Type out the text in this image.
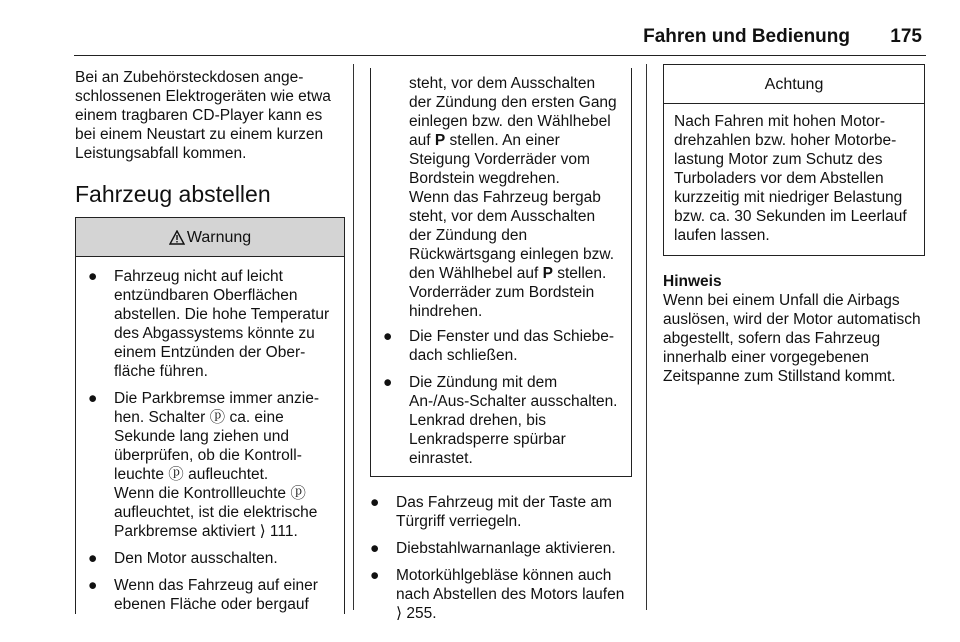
Fahren und Bedienung 175

Bei an Zubehörsteckdosen angeschlossenen Elektrogeräten wie etwa einem tragbaren CD-Player kann es bei einem Neustart zu einem kurzen Leistungsabfall kommen.

Fahrzeug abstellen
Warnung
● Fahrzeug nicht auf leicht entzündbaren Oberflächen abstellen. Die hohe Temperatur des Abgassystems könnte zu einem Entzünden der Oberfläche führen.
● Die Parkbremse immer anziehen. Schalter ⓟ ca. eine Sekunde lang ziehen und überprüfen, ob die Kontrollleuchte ⓟ aufleuchtet.

Wenn die Kontrollleuchte ⓟ aufleuchtet, ist die elektrische Parkbremse aktiviert ⟩ 111.

● Den Motor ausschalten.
● Wenn das Fahrzeug auf einer ebenen Fläche oder bergauf

steht, vor dem Ausschalten der Zündung den ersten Gang einlegen bzw. den Wählhebel auf P stellen. An einer Steigung Vorderräder vom Bordstein wegdrehen.

Wenn das Fahrzeug bergab steht, vor dem Ausschalten der Zündung den Rückwärtsgang einlegen bzw. den Wählhebel auf P stellen. Vorderräder zum Bordstein hindrehen.

● Die Fenster und das Schiebedach schließen.
● Die Zündung mit dem An-/Aus-Schalter ausschalten. Lenkrad drehen, bis Lenkradsperre spürbar einrastet.
● Das Fahrzeug mit der Taste am Türgriff verriegeln.
● Diebstahlwarnanlage aktivieren.
● Motorkühlgebläse können auch nach Abstellen des Motors laufen ⟩ 255.
Achtung
Nach Fahren mit hohen Motordrehzahlen bzw. hoher Motorbelastung Motor zum Schutz des Turboladers vor dem Abstellen kurzzeitig mit niedriger Belastung bzw. ca. 30 Sekunden im Leerlauf laufen lassen.
Hinweis

Wenn bei einem Unfall die Airbags auslösen, wird der Motor automatisch abgestellt, sofern das Fahrzeug innerhalb einer vorgegebenen Zeitspanne zum Stillstand kommt.
